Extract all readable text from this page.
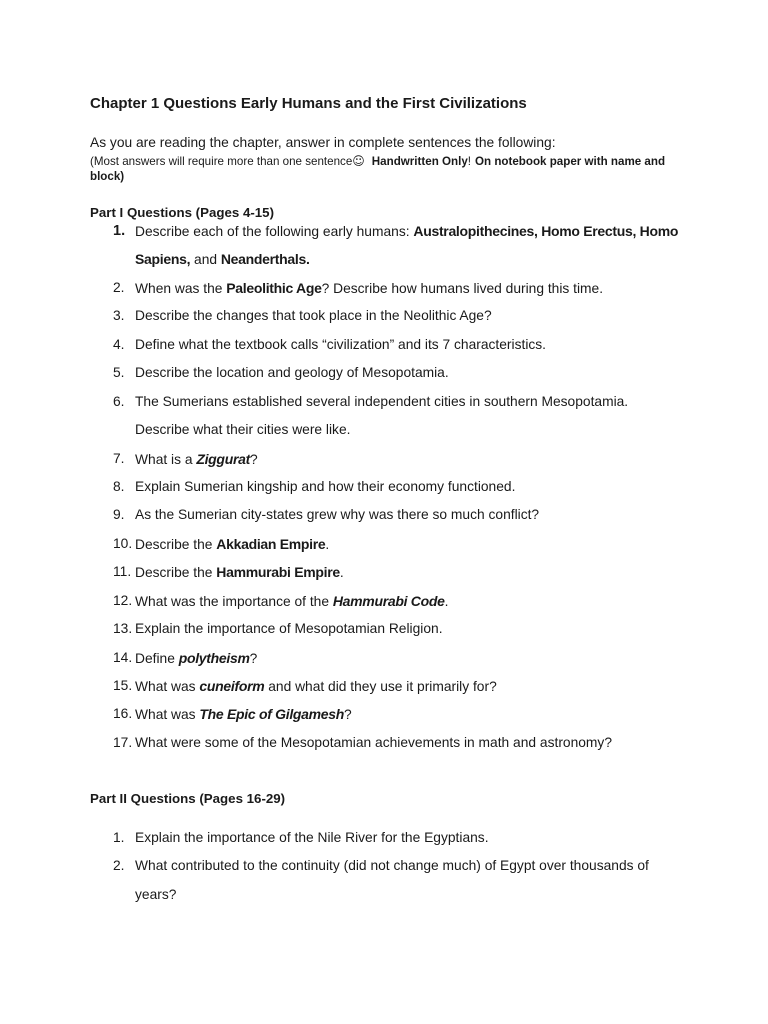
Chapter 1 Questions Early Humans and the First Civilizations
As you are reading the chapter, answer in complete sentences the following:
(Most answers will require more than one sentence☺ Handwritten Only! On notebook paper with name and
block)
Part I Questions (Pages 4-15)
1. Describe each of the following early humans: Australopithecines, Homo Erectus, Homo
Sapiens, and Neanderthals.
2. When was the Paleolithic Age? Describe how humans lived during this time.
3. Describe the changes that took place in the Neolithic Age?
4. Define what the textbook calls “civilization” and its 7 characteristics.
5. Describe the location and geology of Mesopotamia.
6. The Sumerians established several independent cities in southern Mesopotamia.
Describe what their cities were like.
7. What is a Ziggurat?
8. Explain Sumerian kingship and how their economy functioned.
9. As the Sumerian city-states grew why was there so much conflict?
10. Describe the Akkadian Empire.
11. Describe the Hammurabi Empire.
12. What was the importance of the Hammurabi Code.
13. Explain the importance of Mesopotamian Religion.
14. Define polytheism?
15. What was cuneiform and what did they use it primarily for?
16. What was The Epic of Gilgamesh?
17. What were some of the Mesopotamian achievements in math and astronomy?
Part II Questions (Pages 16-29)
1. Explain the importance of the Nile River for the Egyptians.
2. What contributed to the continuity (did not change much) of Egypt over thousands of
years?
